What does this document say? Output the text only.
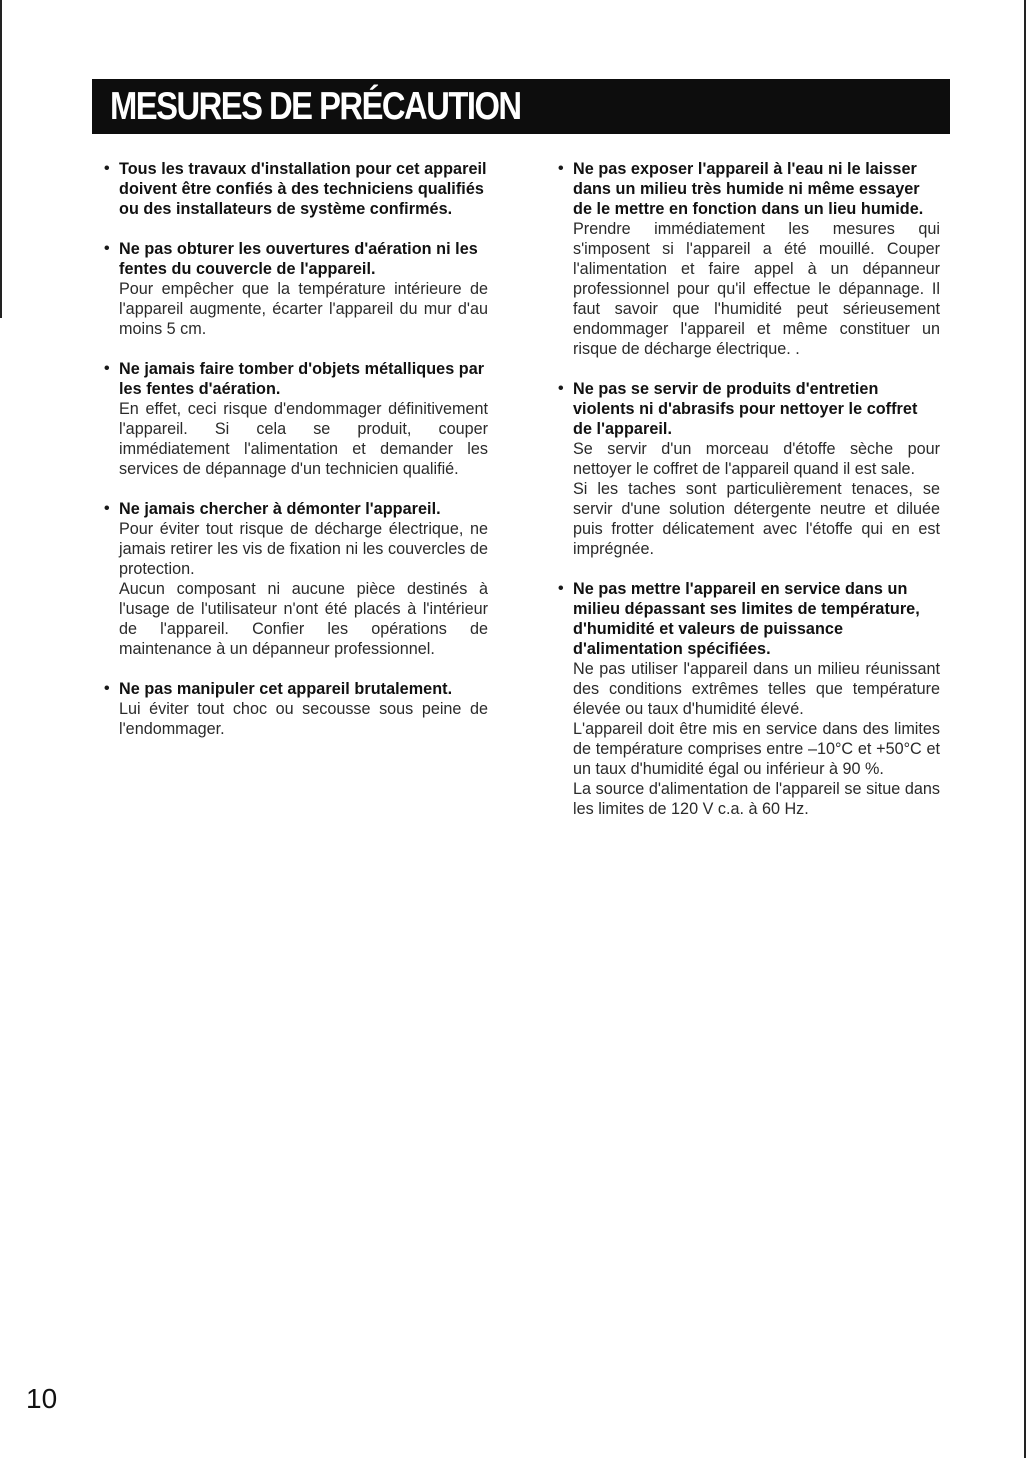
MESURES DE PRÉCAUTION
• Tous les travaux d'installation pour cet appareil doivent être confiés à des techniciens qualifiés ou des installateurs de système confirmés.
• Ne pas obturer les ouvertures d'aération ni les fentes du couvercle de l'appareil.

Pour empêcher que la température intérieure de l'appareil augmente, écarter l'appareil du mur d'au moins 5 cm.

• Ne jamais faire tomber d'objets métalliques par les fentes d'aération.

En effet, ceci risque d'endommager définitivement l'appareil. Si cela se produit, couper immédiatement l'alimentation et demander les services de dépannage d'un technicien qualifié.

• Ne jamais chercher à démonter l'appareil.

Pour éviter tout risque de décharge électrique, ne jamais retirer les vis de fixation ni les couvercles de protection.

Aucun composant ni aucune pièce destinés à l'usage de l'utilisateur n'ont été placés à l'intérieur de l'appareil. Confier les opérations de maintenance à un dépanneur professionnel.

• Ne pas manipuler cet appareil brutalement.

Lui éviter tout choc ou secousse sous peine de l'endommager.

• Ne pas exposer l'appareil à l'eau ni le laisser dans un milieu très humide ni même essayer de le mettre en fonction dans un lieu humide.

Prendre immédiatement les mesures qui s'imposent si l'appareil a été mouillé. Couper l'alimentation et faire appel à un dépanneur professionnel pour qu'il effectue le dépannage. Il faut savoir que l'humidité peut sérieusement endommager l'appareil et même constituer un risque de décharge électrique. .

• Ne pas se servir de produits d'entretien violents ni d'abrasifs pour nettoyer le coffret de l'appareil.

Se servir d'un morceau d'étoffe sèche pour nettoyer le coffret de l'appareil quand il est sale.

Si les taches sont particulièrement tenaces, se servir d'une solution détergente neutre et diluée puis frotter délicatement avec l'étoffe qui en est imprégnée.

• Ne pas mettre l'appareil en service dans un milieu dépassant ses limites de température, d'humidité et valeurs de puissance d'alimentation spécifiées.

Ne pas utiliser l'appareil dans un milieu réunissant des conditions extrêmes telles que température élevée ou taux d'humidité élevé.

L'appareil doit être mis en service dans des limites de température comprises entre –10°C et +50°C et un taux d'humidité égal ou inférieur à 90 %.

La source d'alimentation de l'appareil se situe dans les limites de 120 V c.a. à 60 Hz.

10
